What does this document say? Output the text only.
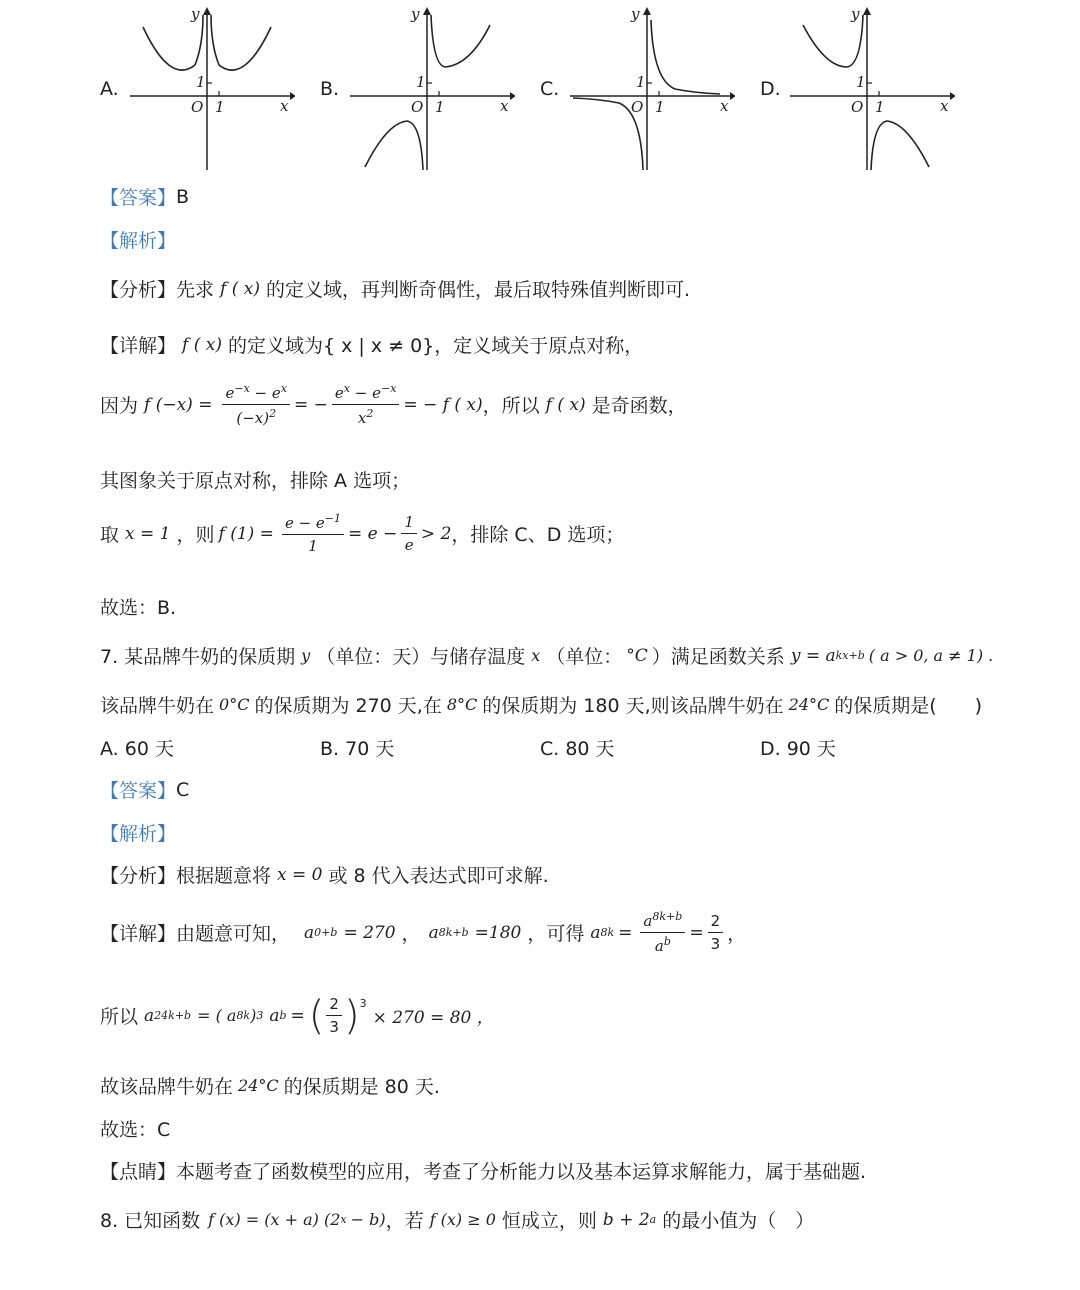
A.	B.	C.	D.
y
x
O
1
1
y
x
O
1
1
y
x
O
1
1
y
x
O
1
1
【答案】 B
【解析】
【分析】 先求 f ( x) 的定义域，再判断奇偶性，最后取特殊值判断即可.
【详解】 f ( x) 的定义域为{ x | x ≠ 0}，定义域关于原点对称，
因为 f $(-x) = \frac{e^{-x} - e^x}{(-x)^2}$ = − $\frac{e^x - e^{-x}}{x^2}$ = − f ( x) ，所以 f ( x) 是奇函数，
其图象关于原点对称，排除 A 选项；
取 x = 1 ，则 f $(1) = \frac{e - e^{-1}}{1} = e - \frac{1}{e} > 2$ ，排除 C、D 选项；
故选：B.
7. 某品牌牛奶的保质期 y （单位：天）与储存温度 x （单位： °C ）满足函数关系 y = a kx+b ( a > 0, a ≠ 1) .
该品牌牛奶在 0°C 的保质期为 270 天,在 8°C 的保质期为 180 天,则该品牌牛奶在 24°C 的保质期是(　　)
A. 60 天	B. 70 天	C. 80 天	D. 90 天
【答案】 C
【解析】
【分析】 根据题意将 x = 0 或 8 代入表达式即可求解.
【详解】 由题意可知， a 0+b = 270 ， a 8k+b =180 ，可得 a $8k = \frac{a^{8k+b}}{a^b} = \frac{2}{3}$ ，
所以 a 24k+b = ( a 8k ) 3 a b = ( $\frac{2}{3} )^3$
× 270 = 80 ，
故该品牌牛奶在 24°C 的保质期是 80 天.
故选：C
【点睛】 本题考查了函数模型的应用，考查了分析能力以及基本运算求解能力，属于基础题.
8. 已知函数 f (x) = (x + a) (2 x − b) ，若 f (x) ≥ 0 恒成立，则 b + 2 a 的最小值为（　）
